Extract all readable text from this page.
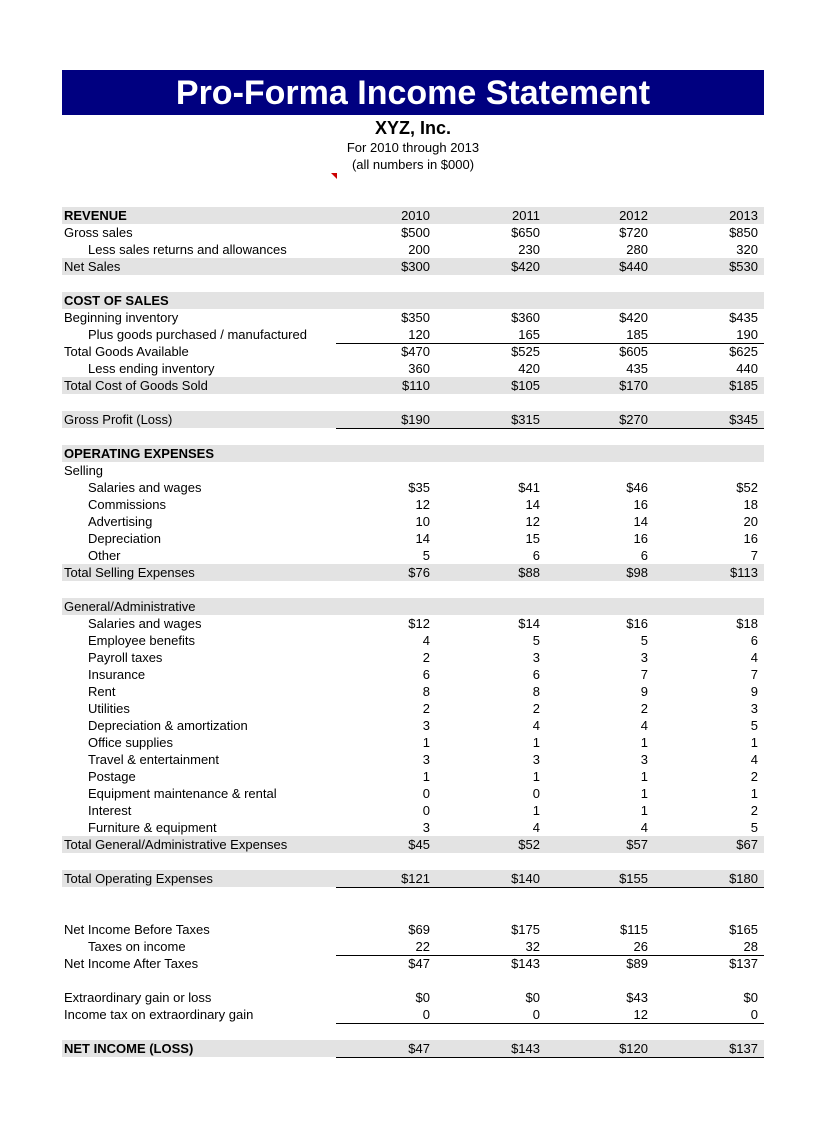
Pro-Forma Income Statement
XYZ, Inc.
For 2010 through 2013
(all numbers in $000)
REVENUE	2010	2011	2012	2013
Gross sales	$500	$650	$720	$850
Less sales returns and allowances	200	230	280	320
Net Sales	$300	$420	$440	$530
COST OF SALES
Beginning inventory	$350	$360	$420	$435
Plus goods purchased / manufactured	120	165	185	190
Total Goods Available	$470	$525	$605	$625
Less ending inventory	360	420	435	440
Total Cost of Goods Sold	$110	$105	$170	$185
Gross Profit (Loss)	$190	$315	$270	$345
OPERATING EXPENSES
Selling
Salaries and wages	$35	$41	$46	$52
Commissions	12	14	16	18
Advertising	10	12	14	20
Depreciation	14	15	16	16
Other	5	6	6	7
Total Selling Expenses	$76	$88	$98	$113
General/Administrative
Salaries and wages	$12	$14	$16	$18
Employee benefits	4	5	5	6
Payroll taxes	2	3	3	4
Insurance	6	6	7	7
Rent	8	8	9	9
Utilities	2	2	2	3
Depreciation & amortization	3	4	4	5
Office supplies	1	1	1	1
Travel & entertainment	3	3	3	4
Postage	1	1	1	2
Equipment maintenance & rental	0	0	1	1
Interest	0	1	1	2
Furniture & equipment	3	4	4	5
Total General/Administrative Expenses	$45	$52	$57	$67
Total Operating Expenses	$121	$140	$155	$180
Net Income Before Taxes	$69	$175	$115	$165
Taxes on income	22	32	26	28
Net Income After Taxes	$47	$143	$89	$137
Extraordinary gain or loss	$0	$0	$43	$0
Income tax on extraordinary gain	0	0	12	0
NET INCOME (LOSS)	$47	$143	$120	$137
